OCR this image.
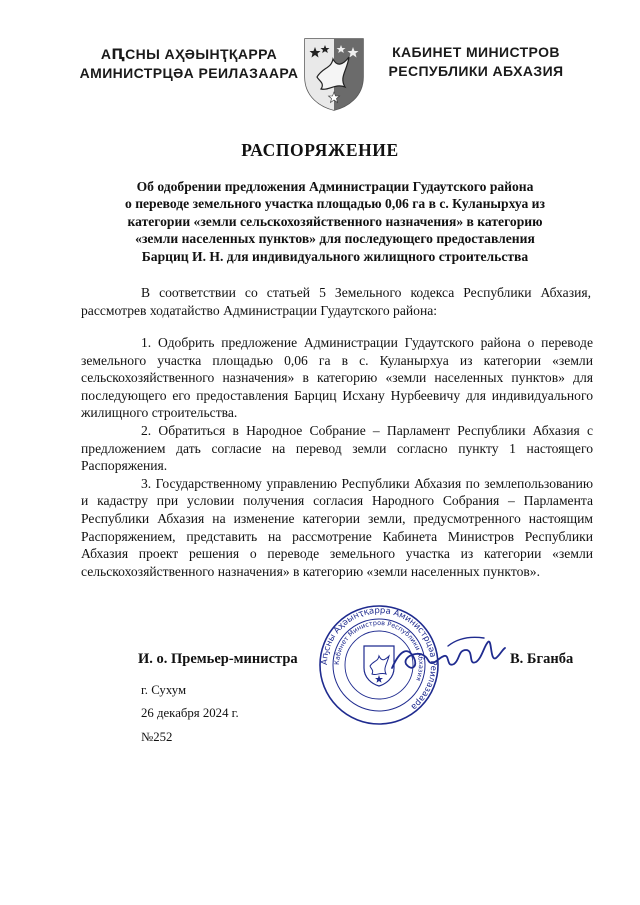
АԤСНЫ АҲӘЫНҬҚАРРА
АМИНИСТРЦӘА РЕИЛАЗААРА
КАБИНЕТ МИНИСТРОВ
РЕСПУБЛИКИ АБХАЗИЯ
РАСПОРЯЖЕНИЕ
Об одобрении предложения Администрации Гудаутского района
о переводе земельного участка площадью 0,06 га в с. Куланырхуа из
категории «земли сельскохозяйственного назначения» в категорию
«земли населенных пунктов» для последующего предоставления
Барциц И. Н. для индивидуального жилищного строительства
В соответствии со статьей 5 Земельного кодекса Республики Абхазия, рассмотрев ходатайство Администрации Гудаутского района:

1. Одобрить предложение Администрации Гудаутского района о переводе земельного участка площадью 0,06 га в с. Куланырхуа из категории «земли сельскохозяйственного назначения» в категорию «земли населенных пунктов» для последующего его предоставления Барциц Исхану Нурбеевичу для индивидуального жилищного строительства.

2. Обратиться в Народное Собрание – Парламент Республики Абхазия с предложением дать согласие на перевод земли согласно пункту 1 настоящего Распоряжения.

3. Государственному управлению Республики Абхазия по землепользованию и кадастру при условии получения согласия Народного Собрания – Парламента Республики Абхазия на изменение категории земли, предусмотренного настоящим Распоряжением, представить на рассмотрение Кабинета Министров Республики Абхазия проект решения о переводе земельного участка из категории «земли сельскохозяйственного назначения» в категорию «земли населенных пунктов».

Аҧсны Аҳәынҭқарра Аминистрцәа Реилазаара
Кабинет Министров Республики Абхазия
И. о. Премьер-министра	В. Бганба
г. Сухум
26 декабря 2024 г.
№252
